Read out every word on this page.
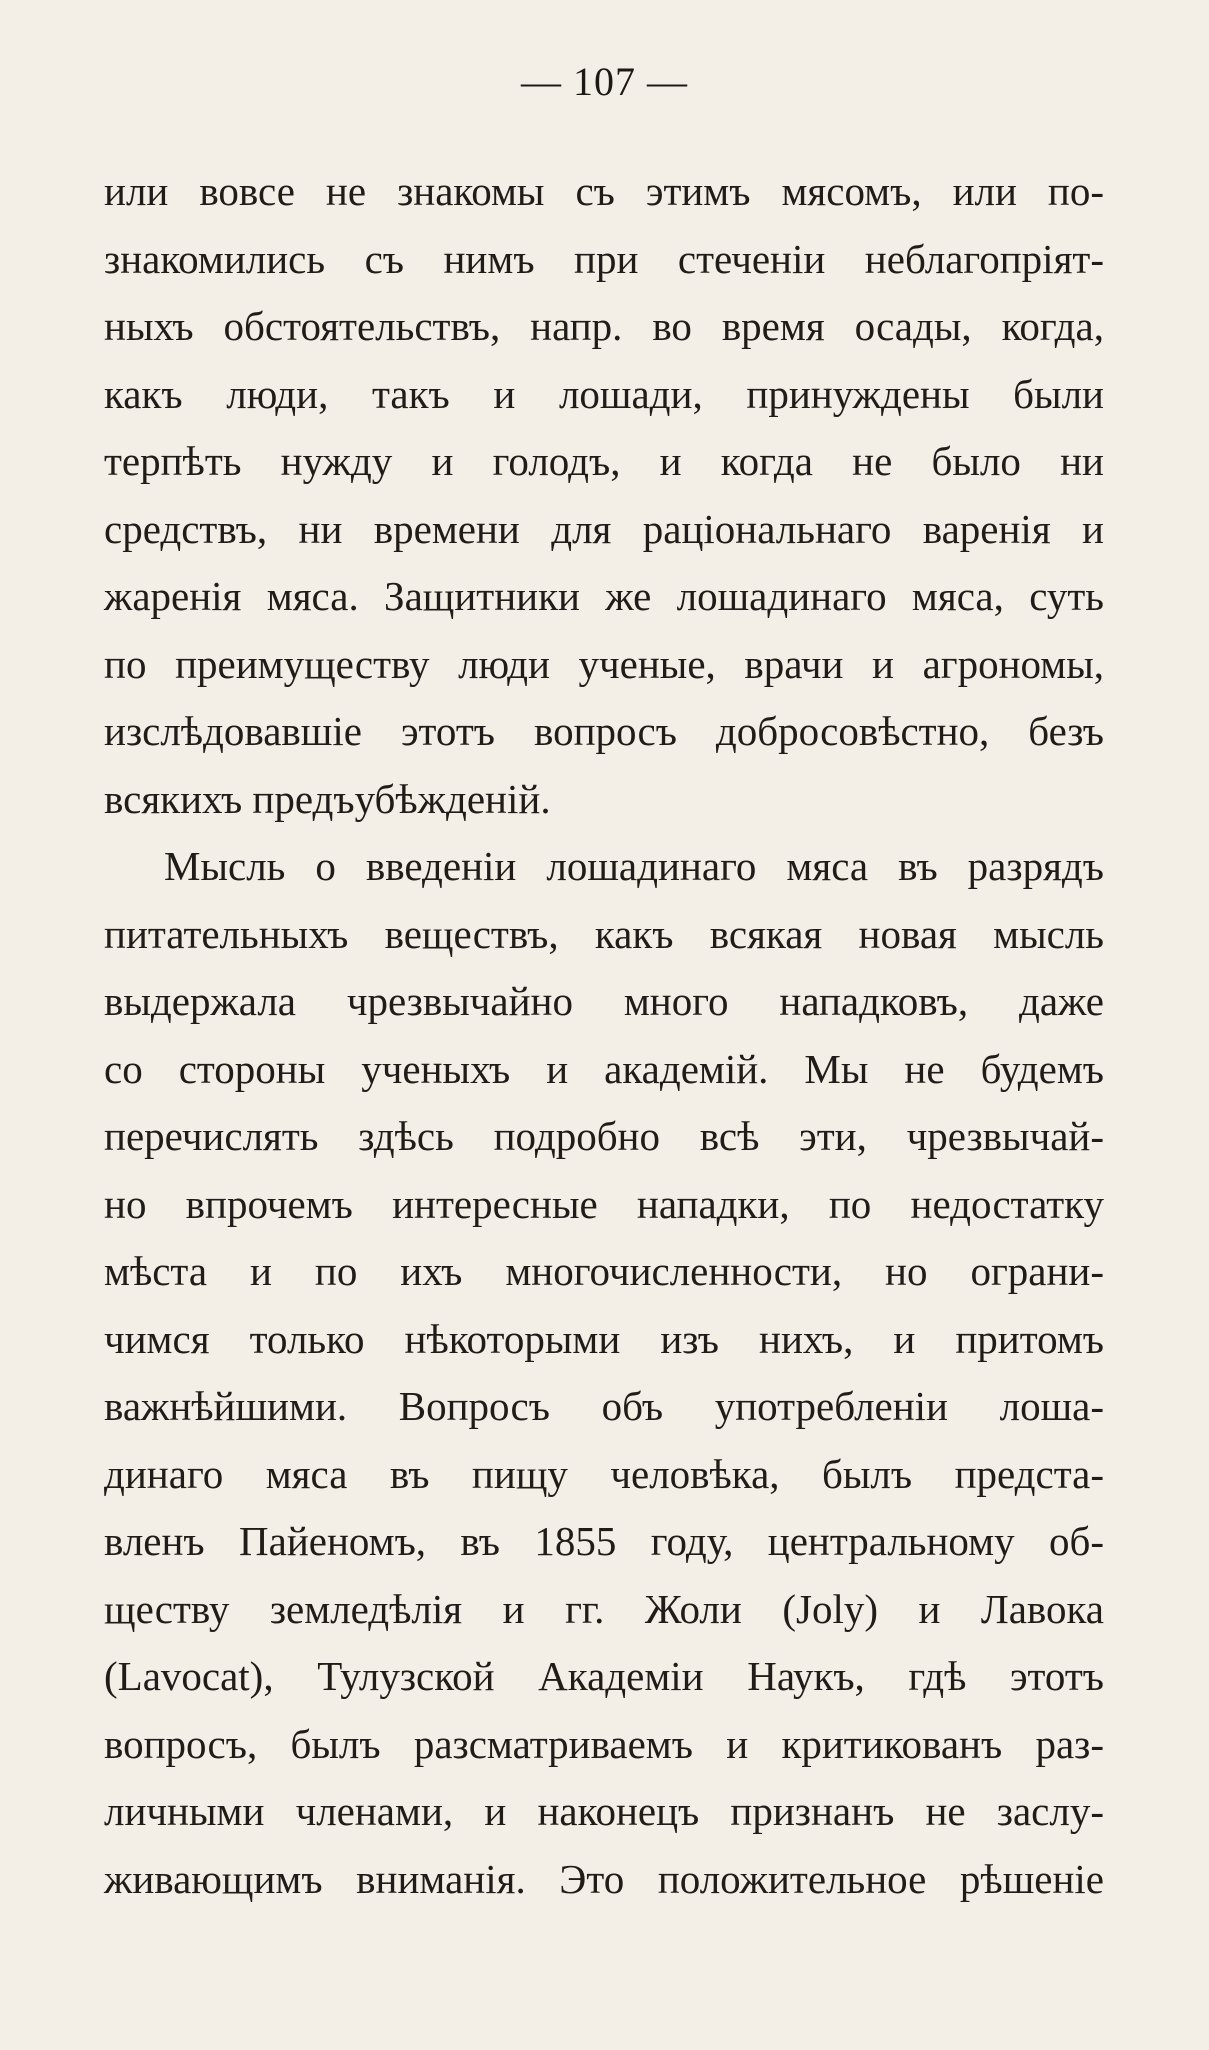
— 107 —
или вовсе не знакомы съ этимъ мясомъ, или по-
знакомились съ нимъ при стеченіи неблагопріят-
ныхъ обстоятельствъ, напр. во время осады, когда,
какъ люди, такъ и лошади, принуждены были
терпѣть нужду и голодъ, и когда не было ни
средствъ, ни времени для раціональнаго варенія и
жаренія мяса. Защитники же лошадинаго мяса, суть
по преимуществу люди ученые, врачи и агрономы,
изслѣдовавшіе этотъ вопросъ добросовѣстно, безъ
всякихъ предъубѣжденій.
Мысль о введеніи лошадинаго мяса въ разрядъ
питательныхъ веществъ, какъ всякая новая мысль
выдержала чрезвычайно много нападковъ, даже
со стороны ученыхъ и академій. Мы не будемъ
перечислять здѣсь подробно всѣ эти, чрезвычай-
но впрочемъ интересные нападки, по недостатку
мѣста и по ихъ многочисленности, но ограни-
чимся только нѣкоторыми изъ нихъ, и притомъ
важнѣйшими. Вопросъ объ употребленіи лоша-
динаго мяса въ пищу человѣка, былъ предста-
вленъ Пайеномъ, въ 1855 году, центральному об-
ществу земледѣлія и гг. Жоли (Joly) и Лавока
(Lavocat), Тулузской Академіи Наукъ, гдѣ этотъ
вопросъ, былъ разсматриваемъ и критикованъ раз-
личными членами, и наконецъ признанъ не заслу-
живающимъ вниманія. Это положительное рѣшеніе
